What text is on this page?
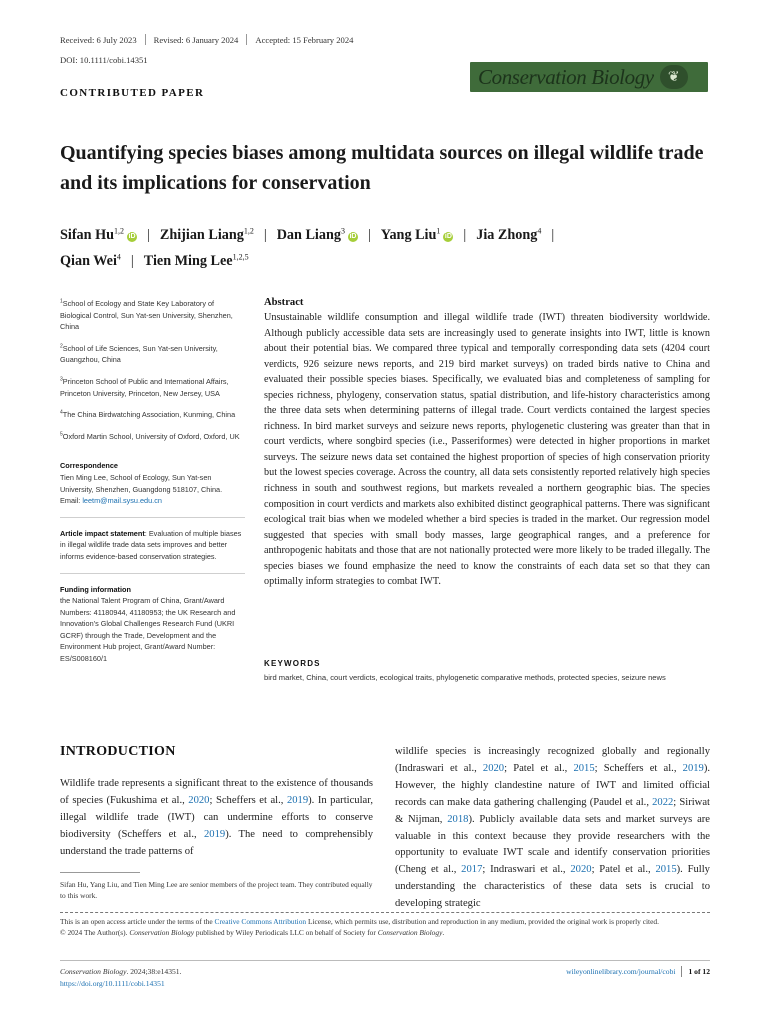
Received: 6 July 2023 Revised: 6 January 2024 Accepted: 15 February 2024
DOI: 10.1111/cobi.14351
CONTRIBUTED PAPER
Conservation Biology	❦
Quantifying species biases among multidata sources on illegal wildlife trade and its implications for conservation
Sifan Hu$^{1,2}$iD | Zhijian Liang$^{1,2}$ | Dan Liang$^3$iD | Yang Liu$^1$iD | Jia Zhong$^4$ |
Qian Wei$^4$ | Tien Ming Lee$^{1,2,5}$
$^1$School of Ecology and State Key Laboratory of Biological Control, Sun Yat-sen University, Shenzhen, China
$^2$School of Life Sciences, Sun Yat-sen University, Guangzhou, China
$^3$Princeton School of Public and International Affairs, Princeton University, Princeton, New Jersey, USA
$^4$The China Birdwatching Association, Kunming, China
$^5$Oxford Martin School, University of Oxford, Oxford, UK
Correspondence
Tien Ming Lee, School of Ecology, Sun Yat-sen University, Shenzhen, Guangdong 518107, China.
Email: leetm@mail.sysu.edu.cn
Article impact statement: Evaluation of multiple biases in illegal wildlife trade data sets improves and better informs evidence-based conservation strategies.
Funding information
the National Talent Program of China, Grant/Award Numbers: 41180944, 41180953; the UK Research and Innovation's Global Challenges Research Fund (UKRI GCRF) through the Trade, Development and the Environment Hub project, Grant/Award Number: ES/S008160/1
Abstract

Unsustainable wildlife consumption and illegal wildlife trade (IWT) threaten biodiversity worldwide. Although publicly accessible data sets are increasingly used to generate insights into IWT, little is known about their potential bias. We compared three typical and temporally corresponding data sets (4204 court verdicts, 926 seizure news reports, and 219 bird market surveys) on traded birds native to China and evaluated their possible species biases. Specifically, we evaluated bias and completeness of sampling for species richness, phylogeny, conservation status, spatial distribution, and life-history characteristics among the three data sets when determining patterns of illegal trade. Court verdicts contained the largest species richness. In bird market surveys and seizure news reports, phylogenetic clustering was greater than that in court verdicts, where songbird species (i.e., Passeriformes) were detected in higher proportions in market surveys. The seizure news data set contained the highest proportion of species of high conservation priority but the lowest species coverage. Across the country, all data sets consistently reported relatively high species richness in south and southwest regions, but markets revealed a northern geographic bias. The species composition in court verdicts and markets also exhibited distinct geographical patterns. There was significant ecological trait bias when we modeled whether a bird species is traded in the market. Our regression model suggested that species with small body masses, large geographical ranges, and a preference for anthropogenic habitats and those that are not nationally protected were more likely to be traded illegally. The species biases we found emphasize the need to know the constraints of each data set so that they can optimally inform strategies to combat IWT.

KEYWORDS
bird market, China, court verdicts, ecological traits, phylogenetic comparative methods, protected species, seizure news
INTRODUCTION

Wildlife trade represents a significant threat to the existence of thousands of species (Fukushima et al., 2020; Scheffers et al., 2019). In particular, illegal wildlife trade (IWT) can undermine efforts to conserve biodiversity (Scheffers et al., 2019). The need to comprehensibly understand the trade patterns of

wildlife species is increasingly recognized globally and regionally (Indraswari et al., 2020; Patel et al., 2015; Scheffers et al., 2019). However, the highly clandestine nature of IWT and limited official records can make data gathering challenging (Paudel et al., 2022; Siriwat & Nijman, 2018). Publicly available data sets and market surveys are valuable in this context because they provide researchers with the opportunity to evaluate IWT scale and identify conservation priorities (Cheng et al., 2017; Indraswari et al., 2020; Patel et al., 2015). Fully understanding the characteristics of these data sets is crucial to developing strategic

Sifan Hu, Yang Liu, and Tien Ming Lee are senior members of the project team. They contributed equally to this work.
This is an open access article under the terms of the Creative Commons Attribution License, which permits use, distribution and reproduction in any medium, provided the original work is properly cited.
© 2024 The Author(s). Conservation Biology published by Wiley Periodicals LLC on behalf of Society for Conservation Biology.
Conservation Biology. 2024;38:e14351.
https://doi.org/10.1111/cobi.14351
wileyonlinelibrary.com/journal/cobi 1 of 12
